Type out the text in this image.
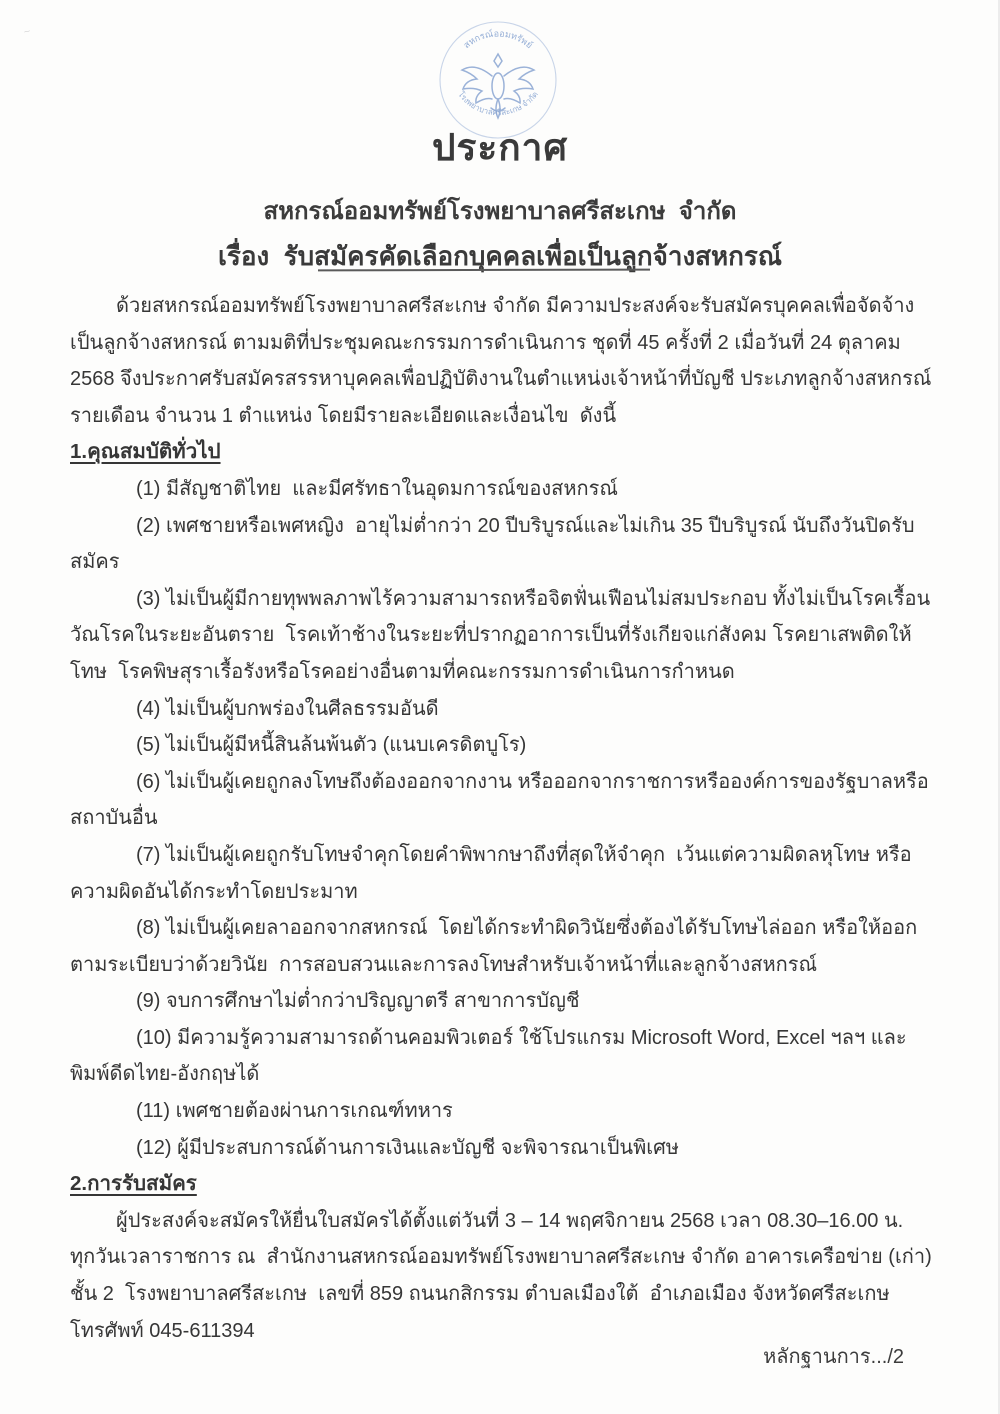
~
สหกรณ์ออมทรัพย์
โรงพยาบาลศรีสะเกษ จำกัด
ประกาศ
สหกรณ์ออมทรัพย์โรงพยาบาลศรีสะเกษ  จำกัด
เรื่อง  รับสมัครคัดเลือกบุคคลเพื่อเป็นลูกจ้างสหกรณ์

ด้วยสหกรณ์ออมทรัพย์โรงพยาบาลศรีสะเกษ จำกัด มีความประสงค์จะรับสมัครบุคคลเพื่อจัดจ้างเป็นลูกจ้างสหกรณ์ ตามมติที่ประชุมคณะกรรมการดำเนินการ ชุดที่ 45 ครั้งที่ 2 เมื่อวันที่ 24 ตุลาคม 2568 จึงประกาศรับสมัครสรรหาบุคคลเพื่อปฏิบัติงานในตำแหน่งเจ้าหน้าที่บัญชี ประเภทลูกจ้างสหกรณ์รายเดือน จำนวน 1 ตำแหน่ง โดยมีรายละเอียดและเงื่อนไข  ดังนี้

1.คุณสมบัติทั่วไป

(1) มีสัญชาติไทย  และมีศรัทธาในอุดมการณ์ของสหกรณ์

(2) เพศชายหรือเพศหญิง  อายุไม่ต่ำกว่า 20 ปีบริบูรณ์และไม่เกิน 35 ปีบริบูรณ์ นับถึงวันปิดรับสมัคร

(3) ไม่เป็นผู้มีกายทุพพลภาพไร้ความสามารถหรือจิตฟั่นเฟือนไม่สมประกอบ ทั้งไม่เป็นโรคเรื้อน วัณโรคในระยะอันตราย  โรคเท้าช้างในระยะที่ปรากฏอาการเป็นที่รังเกียจแก่สังคม โรคยาเสพติดให้โทษ  โรคพิษสุราเรื้อรังหรือโรคอย่างอื่นตามที่คณะกรรมการดำเนินการกำหนด

(4) ไม่เป็นผู้บกพร่องในศีลธรรมอันดี

(5) ไม่เป็นผู้มีหนี้สินล้นพ้นตัว (แนบเครดิตบูโร)

(6) ไม่เป็นผู้เคยถูกลงโทษถึงต้องออกจากงาน หรือออกจากราชการหรือองค์การของรัฐบาลหรือสถาบันอื่น

(7) ไม่เป็นผู้เคยถูกรับโทษจำคุกโดยคำพิพากษาถึงที่สุดให้จำคุก  เว้นแต่ความผิดลหุโทษ หรือความผิดอันได้กระทำโดยประมาท

(8) ไม่เป็นผู้เคยลาออกจากสหกรณ์  โดยได้กระทำผิดวินัยซึ่งต้องได้รับโทษไล่ออก หรือให้ออกตามระเบียบว่าด้วยวินัย  การสอบสวนและการลงโทษสำหรับเจ้าหน้าที่และลูกจ้างสหกรณ์

(9) จบการศึกษาไม่ต่ำกว่าปริญญาตรี สาขาการบัญชี

(10) มีความรู้ความสามารถด้านคอมพิวเตอร์ ใช้โปรแกรม Microsoft Word, Excel ฯลฯ และพิมพ์ดีดไทย-อังกฤษได้

(11) เพศชายต้องผ่านการเกณฑ์ทหาร

(12) ผู้มีประสบการณ์ด้านการเงินและบัญชี จะพิจารณาเป็นพิเศษ

2.การรับสมัคร

ผู้ประสงค์จะสมัครให้ยื่นใบสมัครได้ตั้งแต่วันที่ 3 – 14 พฤศจิกายน 2568 เวลา 08.30–16.00 น. ทุกวันเวลาราชการ ณ  สำนักงานสหกรณ์ออมทรัพย์โรงพยาบาลศรีสะเกษ จำกัด อาคารเครือข่าย (เก่า) ชั้น 2  โรงพยาบาลศรีสะเกษ  เลขที่ 859 ถนนกสิกรรม ตำบลเมืองใต้  อำเภอเมือง จังหวัดศรีสะเกษ โทรศัพท์ 045-611394

หลักฐานการ.../2
